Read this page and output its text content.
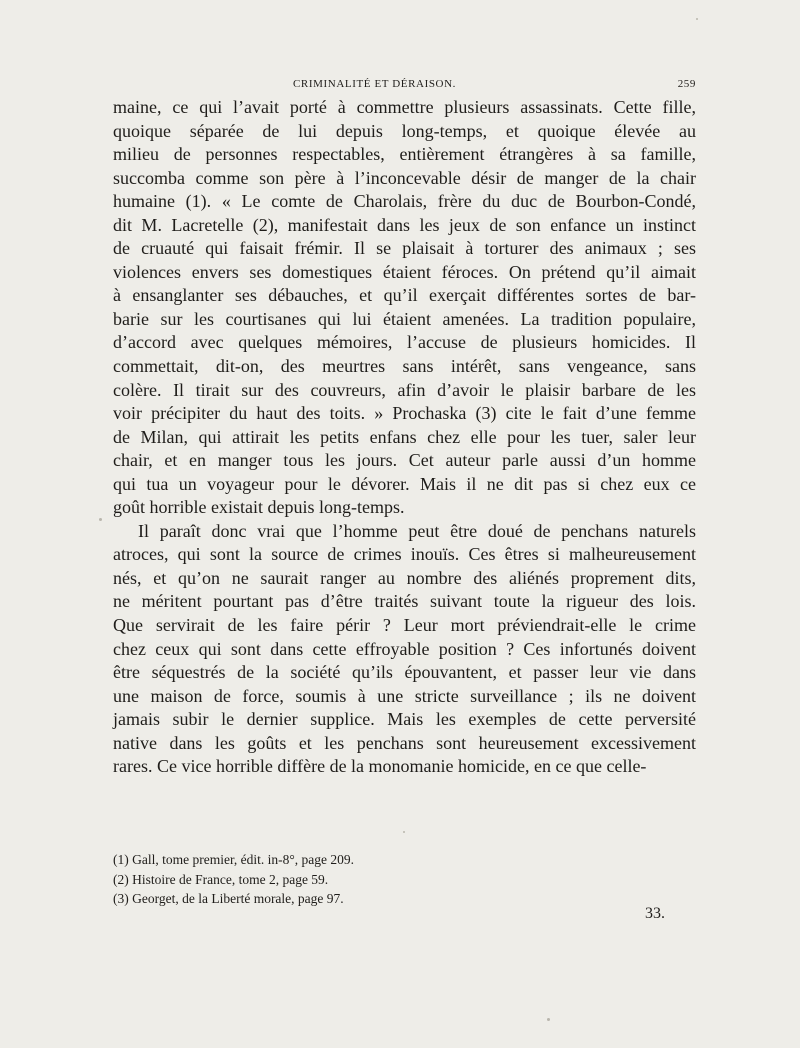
CRIMINALITÉ ET DÉRAISON.	259
maine, ce qui l’avait porté à commettre plusieurs assassinats. Cette fille,
quoique séparée de lui depuis long-temps, et quoique élevée au
milieu de personnes respectables, entièrement étrangères à sa famille,
succomba comme son père à l’inconcevable désir de manger de la chair
humaine (1). « Le comte de Charolais, frère du duc de Bourbon-Condé,
dit M. Lacretelle (2), manifestait dans les jeux de son enfance un instinct
de cruauté qui faisait frémir. Il se plaisait à torturer des animaux ; ses
violences envers ses domestiques étaient féroces. On prétend qu’il aimait
à ensanglanter ses débauches, et qu’il exerçait différentes sortes de bar-
barie sur les courtisanes qui lui étaient amenées. La tradition populaire,
d’accord avec quelques mémoires, l’accuse de plusieurs homicides. Il
commettait, dit-on, des meurtres sans intérêt, sans vengeance, sans
colère. Il tirait sur des couvreurs, afin d’avoir le plaisir barbare de les
voir précipiter du haut des toits. » Prochaska (3) cite le fait d’une femme
de Milan, qui attirait les petits enfans chez elle pour les tuer, saler leur
chair, et en manger tous les jours. Cet auteur parle aussi d’un homme
qui tua un voyageur pour le dévorer. Mais il ne dit pas si chez eux ce
goût horrible existait depuis long-temps.
Il paraît donc vrai que l’homme peut être doué de penchans naturels
atroces, qui sont la source de crimes inouïs. Ces êtres si malheureusement
nés, et qu’on ne saurait ranger au nombre des aliénés proprement dits,
ne méritent pourtant pas d’être traités suivant toute la rigueur des lois.
Que servirait de les faire périr ? Leur mort préviendrait-elle le crime
chez ceux qui sont dans cette effroyable position ? Ces infortunés doivent
être séquestrés de la société qu’ils épouvantent, et passer leur vie dans
une maison de force, soumis à une stricte surveillance ; ils ne doivent
jamais subir le dernier supplice. Mais les exemples de cette perversité
native dans les goûts et les penchans sont heureusement excessivement
rares. Ce vice horrible diffère de la monomanie homicide, en ce que celle-
(1) Gall, tome premier, édit. in-8°, page 209.
(2) Histoire de France, tome 2, page 59.
(3) Georget, de la Liberté morale, page 97.
33.
